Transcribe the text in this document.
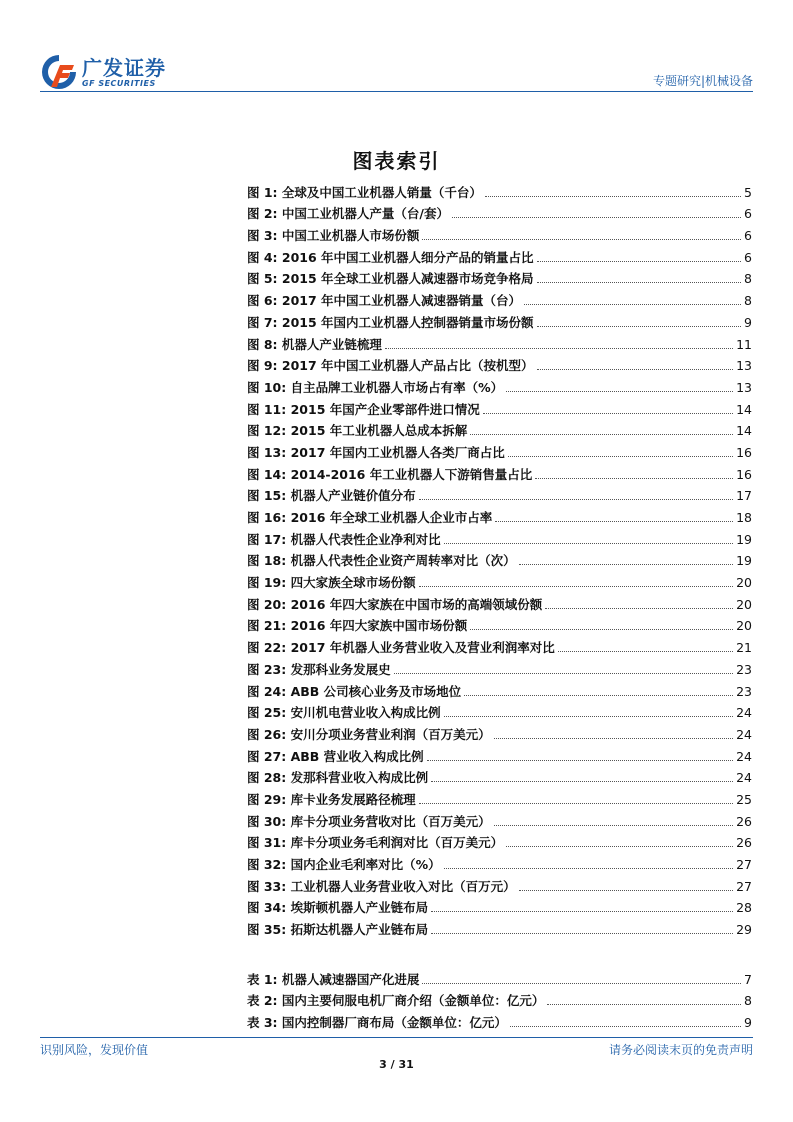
广发证券
GF SECURITIES	专题研究|机械设备
图表索引
图 1: 全球及中国工业机器人销量（千台）	5
图 2: 中国工业机器人产量（台/套）	6
图 3: 中国工业机器人市场份额	6
图 4: 2016 年中国工业机器人细分产品的销量占比	6
图 5: 2015 年全球工业机器人减速器市场竞争格局	8
图 6: 2017 年中国工业机器人减速器销量（台）	8
图 7: 2015 年国内工业机器人控制器销量市场份额	9
图 8: 机器人产业链梳理	11
图 9: 2017 年中国工业机器人产品占比（按机型）	13
图 10: 自主品牌工业机器人市场占有率（%）	13
图 11: 2015 年国产企业零部件进口情况	14
图 12: 2015 年工业机器人总成本拆解	14
图 13: 2017 年国内工业机器人各类厂商占比	16
图 14: 2014-2016 年工业机器人下游销售量占比	16
图 15: 机器人产业链价值分布	17
图 16: 2016 年全球工业机器人企业市占率	18
图 17: 机器人代表性企业净利对比	19
图 18: 机器人代表性企业资产周转率对比（次）	19
图 19: 四大家族全球市场份额	20
图 20: 2016 年四大家族在中国市场的高端领域份额	20
图 21: 2016 年四大家族中国市场份额	20
图 22: 2017 年机器人业务营业收入及营业利润率对比	21
图 23: 发那科业务发展史	23
图 24: ABB 公司核心业务及市场地位	23
图 25: 安川机电营业收入构成比例	24
图 26: 安川分项业务营业利润（百万美元）	24
图 27: ABB 营业收入构成比例	24
图 28: 发那科营业收入构成比例	24
图 29: 库卡业务发展路径梳理	25
图 30: 库卡分项业务营收对比（百万美元）	26
图 31: 库卡分项业务毛利润对比（百万美元）	26
图 32: 国内企业毛利率对比（%）	27
图 33: 工业机器人业务营业收入对比（百万元）	27
图 34: 埃斯顿机器人产业链布局	28
图 35: 拓斯达机器人产业链布局	29
表 1: 机器人减速器国产化进展	7
表 2: 国内主要伺服电机厂商介绍（金额单位：亿元）	8
表 3: 国内控制器厂商布局（金额单位：亿元）	9
识别风险，发现价值	请务必阅读末页的免责声明
3 / 31
